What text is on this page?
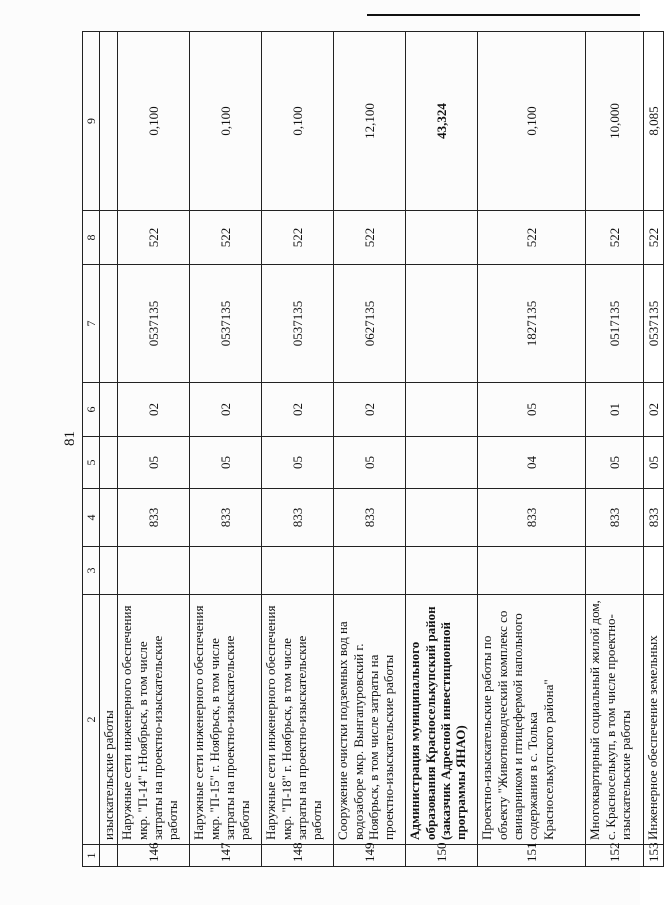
81
1	2	3	4	5	6	7	8	9
	изыскательские работы							
146	Наружные сети инженерного обеспечения мкр. "П-14" г.Ноябрьск, в том числе затраты на проектно-изыскательские работы		833	05	02	0537135	522	0,100
147	Наружные сети инженерного обеспечения мкр. "П-15" г. Ноябрьск, в том числе затраты на проектно-изыскательские работы		833	05	02	0537135	522	0,100
148	Наружные сети инженерного обеспечения мкр. "П-18" г. Ноябрьск, в том числе затраты на проектно-изыскательские работы		833	05	02	0537135	522	0,100
149	Сооружение очистки подземных вод на водозаборе мкр. Вынгапуровский г. Ноябрьск, в том числе затраты на проектно-изыскательские работы		833	05	02	0627135	522	12,100
150	Администрация муниципального образования Красноселькупский район (заказчик Адресной инвестиционной программы ЯНАО)							43,324
151	Проектно-изыскательские работы по объекту "Животноводческий комплекс со свинарником и птицефермой напольного содержания в с. Толька Красноселькупского района"		833	04	05	1827135	522	0,100
152	Многоквартирный социальный жилой дом, с. Красноселькуп, в том числе проектно-изыскательские работы		833	05	01	0517135	522	10,000
153	Инженерное обеспечение земельных		833	05	02	0537135	522	8,085
